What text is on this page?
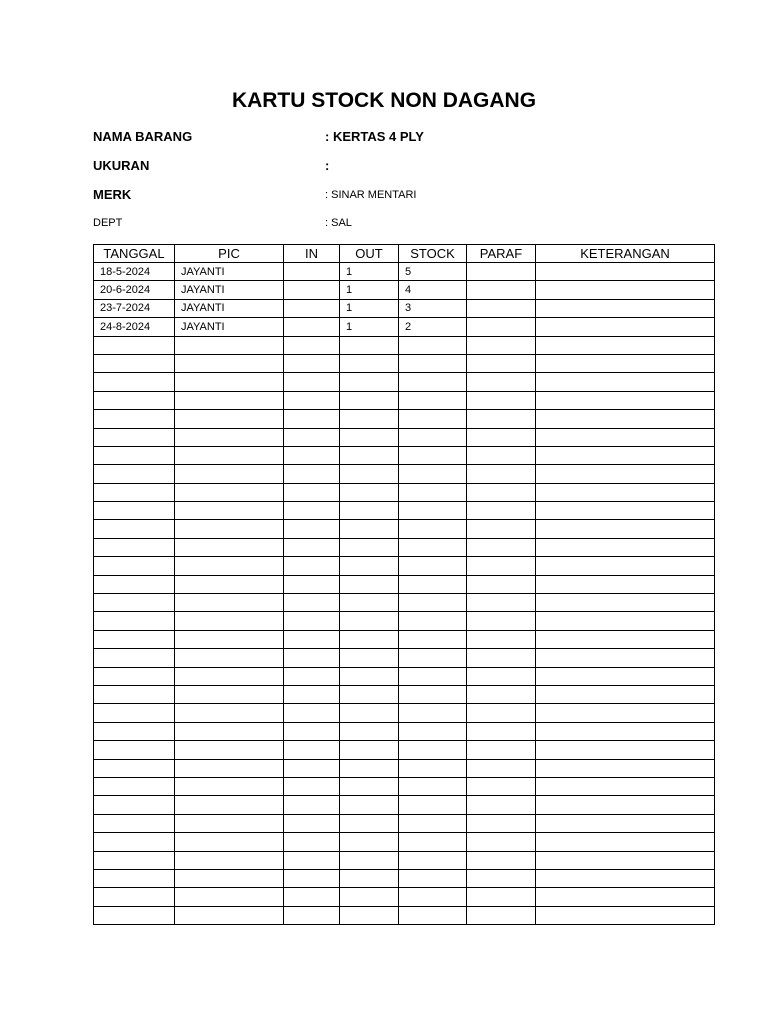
KARTU STOCK NON DAGANG
NAMA BARANG	: KERTAS 4 PLY
UKURAN	:
MERK	: SINAR MENTARI
DEPT	: SAL
TANGGAL	PIC	IN	OUT	STOCK	PARAF	KETERANGAN
18-5-2024	JAYANTI		1	5		
20-6-2024	JAYANTI		1	4		
23-7-2024	JAYANTI		1	3		
24-8-2024	JAYANTI		1	2		
